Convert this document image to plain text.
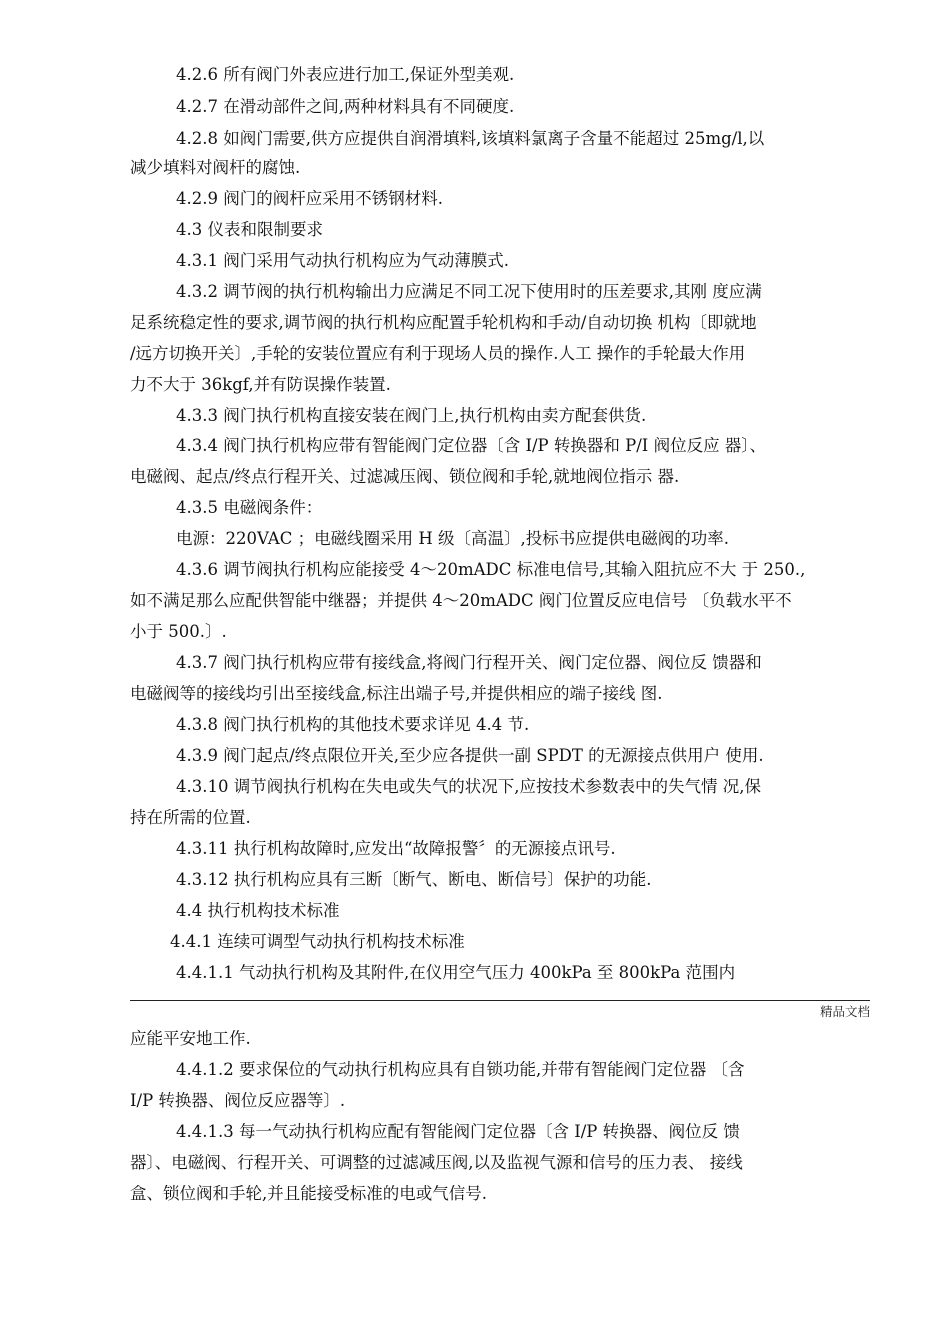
4.2.6 所有阀门外表应进行加工,保证外型美观.
4.2.7 在滑动部件之间,两种材料具有不同硬度.
4.2.8 如阀门需要,供方应提供自润滑填料,该填料氯离子含量不能超过 25mg/l,以
减少填料对阀杆的腐蚀.
4.2.9 阀门的阀杆应采用不锈钢材料.
4.3 仪表和限制要求
4.3.1 阀门采用气动执行机构应为气动薄膜式.
4.3.2 调节阀的执行机构输出力应满足不同工况下使用时的压差要求,其刚 度应满
足系统稳定性的要求,调节阀的执行机构应配置手轮机构和手动/自动切换 机构〔即就地
/远方切换开关〕,手轮的安装位置应有利于现场人员的操作.人工 操作的手轮最大作用
力不大于 36kgf,并有防误操作装置.
4.3.3 阀门执行机构直接安装在阀门上,执行机构由卖方配套供货.
4.3.4 阀门执行机构应带有智能阀门定位器〔含 I/P 转换器和 P/I 阀位反应 器〕、
电磁阀、起点/终点行程开关、过滤减压阀、锁位阀和手轮,就地阀位指示 器.
4.3.5 电磁阀条件：
电源：220VAC ；电磁线圈采用 H 级〔高温〕,投标书应提供电磁阀的功率.
4.3.6 调节阀执行机构应能接受 4〜20mADC 标准电信号,其输入阻抗应不大 于 250.,
如不满足那么应配供智能中继器；并提供 4〜20mADC 阀门位置反应电信号 〔负载水平不
小于 500.〕.
4.3.7 阀门执行机构应带有接线盒,将阀门行程开关、阀门定位器、阀位反 馈器和
电磁阀等的接线均引出至接线盒,标注出端子号,并提供相应的端子接线 图.
4.3.8 阀门执行机构的其他技术要求详见 4.4 节.
4.3.9 阀门起点/终点限位开关,至少应各提供一副 SPDT 的无源接点供用户 使用.
4.3.10 调节阀执行机构在失电或失气的状况下,应按技术参数表中的失气情 况,保
持在所需的位置.
4.3.11 执行机构故障时,应发出“故障报警〞的无源接点讯号.
4.3.12 执行机构应具有三断〔断气、断电、断信号〕保护的功能.
4.4 执行机构技术标准
4.4.1 连续可调型气动执行机构技术标准
4.4.1.1 气动执行机构及其附件,在仪用空气压力 400kPa 至 800kPa 范围内
精品文档
应能平安地工作.
4.4.1.2 要求保位的气动执行机构应具有自锁功能,并带有智能阀门定位器 〔含
I/P 转换器、阀位反应器等〕.
4.4.1.3 每一气动执行机构应配有智能阀门定位器〔含 I/P 转换器、阀位反 馈
器〕、电磁阀、行程开关、可调整的过滤减压阀,以及监视气源和信号的压力表、 接线
盒、锁位阀和手轮,并且能接受标准的电或气信号.
